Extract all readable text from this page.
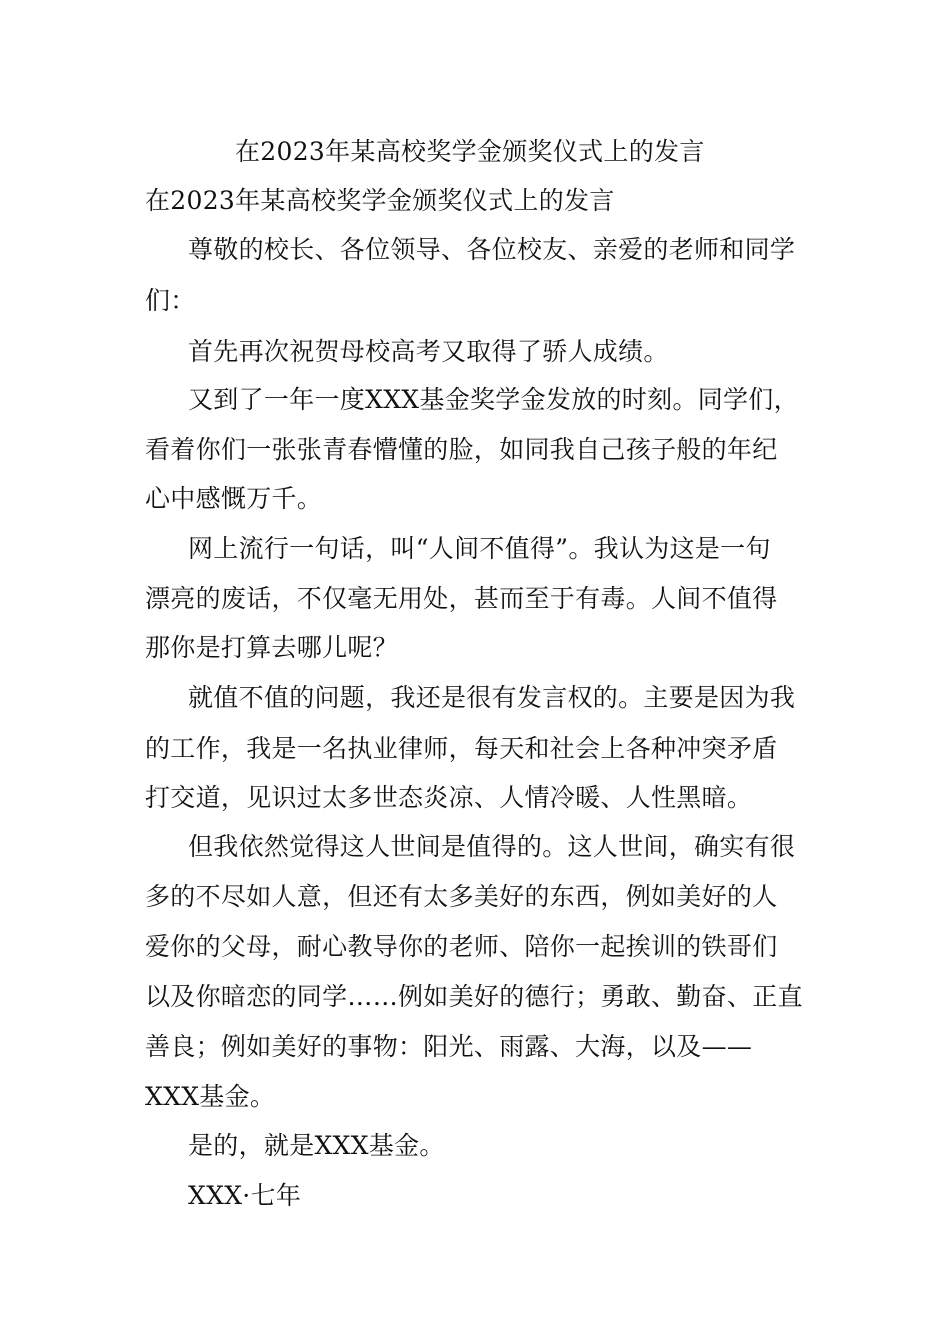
在2023年某高校奖学金颁奖仪式上的发言
在2023年某高校奖学金颁奖仪式上的发言
尊敬的校长、各位领导、各位校友、亲爱的老师和同学
们：
首先再次祝贺母校高考又取得了骄人成绩。
又到了一年一度XXX基金奖学金发放的时刻。同学们，
看着你们一张张青春懵懂的脸，如同我自己孩子般的年纪
心中感慨万千。
网上流行一句话，叫“人间不值得”。我认为这是一句
漂亮的废话，不仅毫无用处，甚而至于有毒。人间不值得
那你是打算去哪儿呢？
就值不值的问题，我还是很有发言权的。主要是因为我
的工作，我是一名执业律师，每天和社会上各种冲突矛盾
打交道，见识过太多世态炎凉、人情冷暖、人性黑暗。
但我依然觉得这人世间是值得的。这人世间，确实有很
多的不尽如人意，但还有太多美好的东西，例如美好的人
爱你的父母，耐心教导你的老师、陪你一起挨训的铁哥们
以及你暗恋的同学……例如美好的德行；勇敢、勤奋、正直
善良；例如美好的事物：阳光、雨露、大海，以及——
XXX基金。
是的，就是XXX基金。
XXX·七年
